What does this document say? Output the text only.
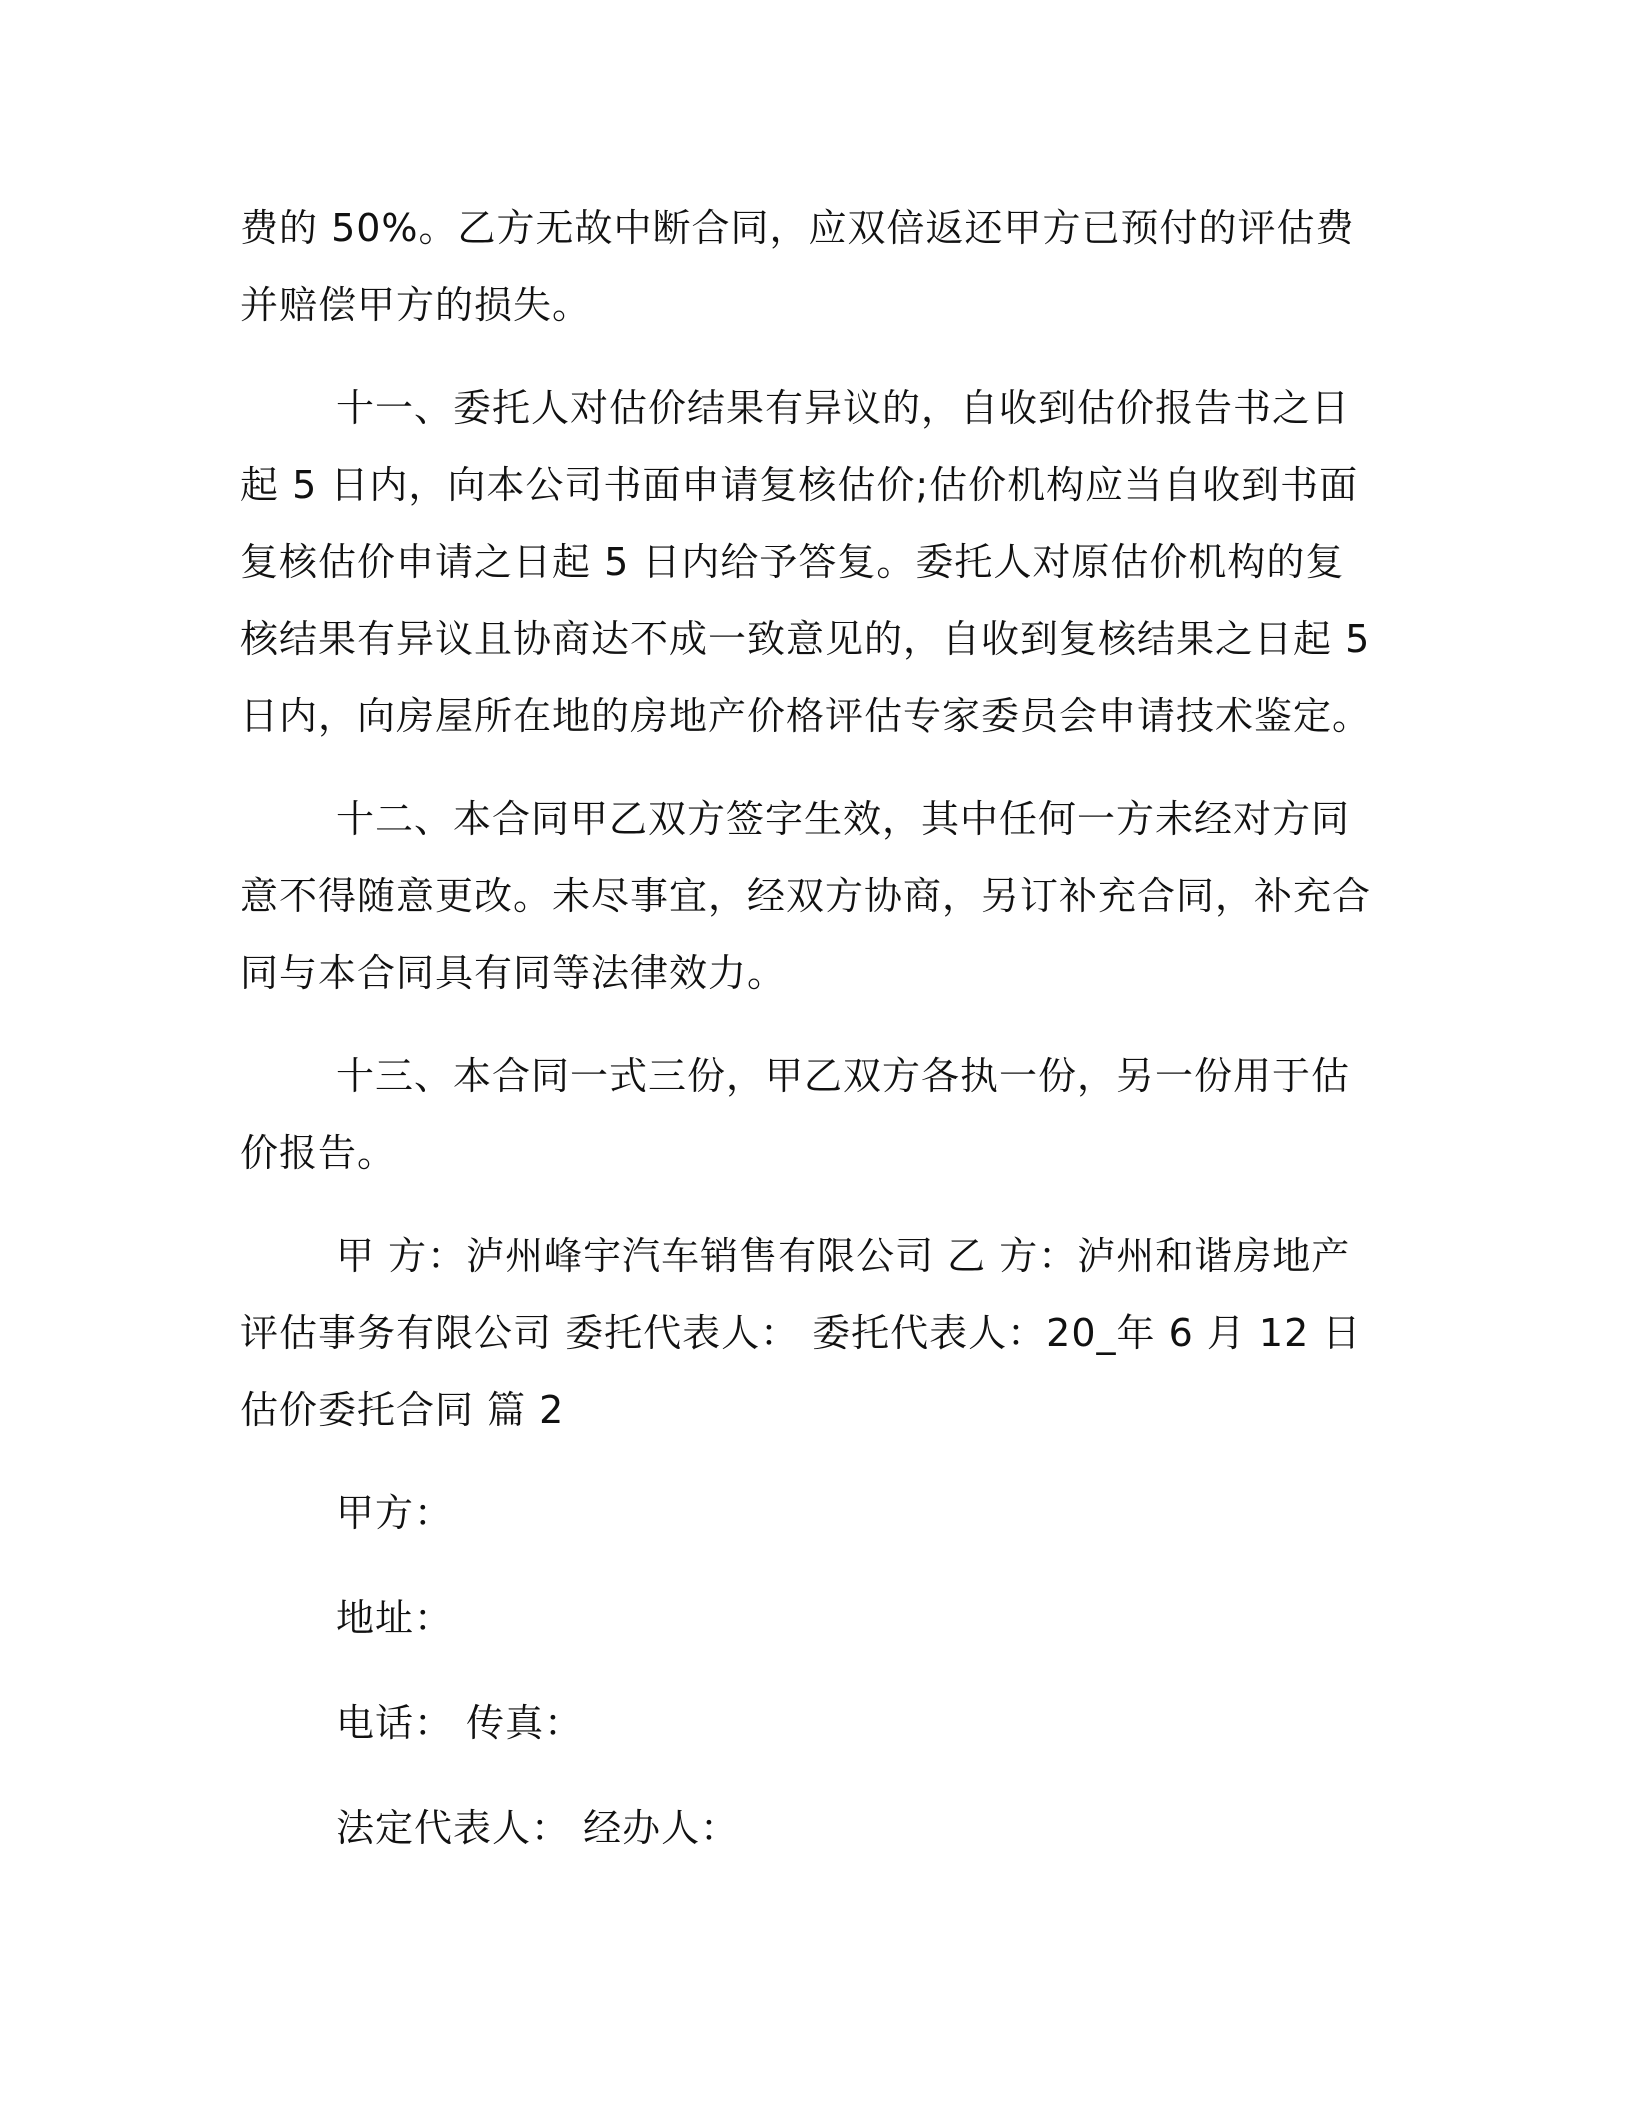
费的 50%。乙方无故中断合同，应双倍返还甲方已预付的评估费并赔偿甲方的损失。

十一、委托人对估价结果有异议的，自收到估价报告书之日起 5 日内，向本公司书面申请复核估价;估价机构应当自收到书面复核估价申请之日起 5 日内给予答复。委托人对原估价机构的复核结果有异议且协商达不成一致意见的，自收到复核结果之日起 5 日内，向房屋所在地的房地产价格评估专家委员会申请技术鉴定。

十二、本合同甲乙双方签字生效，其中任何一方未经对方同意不得随意更改。未尽事宜，经双方协商，另订补充合同，补充合同与本合同具有同等法律效力。

十三、本合同一式三份，甲乙双方各执一份，另一份用于估价报告。

甲 方：泸州峰宇汽车销售有限公司 乙 方：泸州和谐房地产评估事务有限公司 委托代表人： 委托代表人：20_年 6 月 12 日估价委托合同 篇 2

甲方：

地址：

电话： 传真：

法定代表人： 经办人：
